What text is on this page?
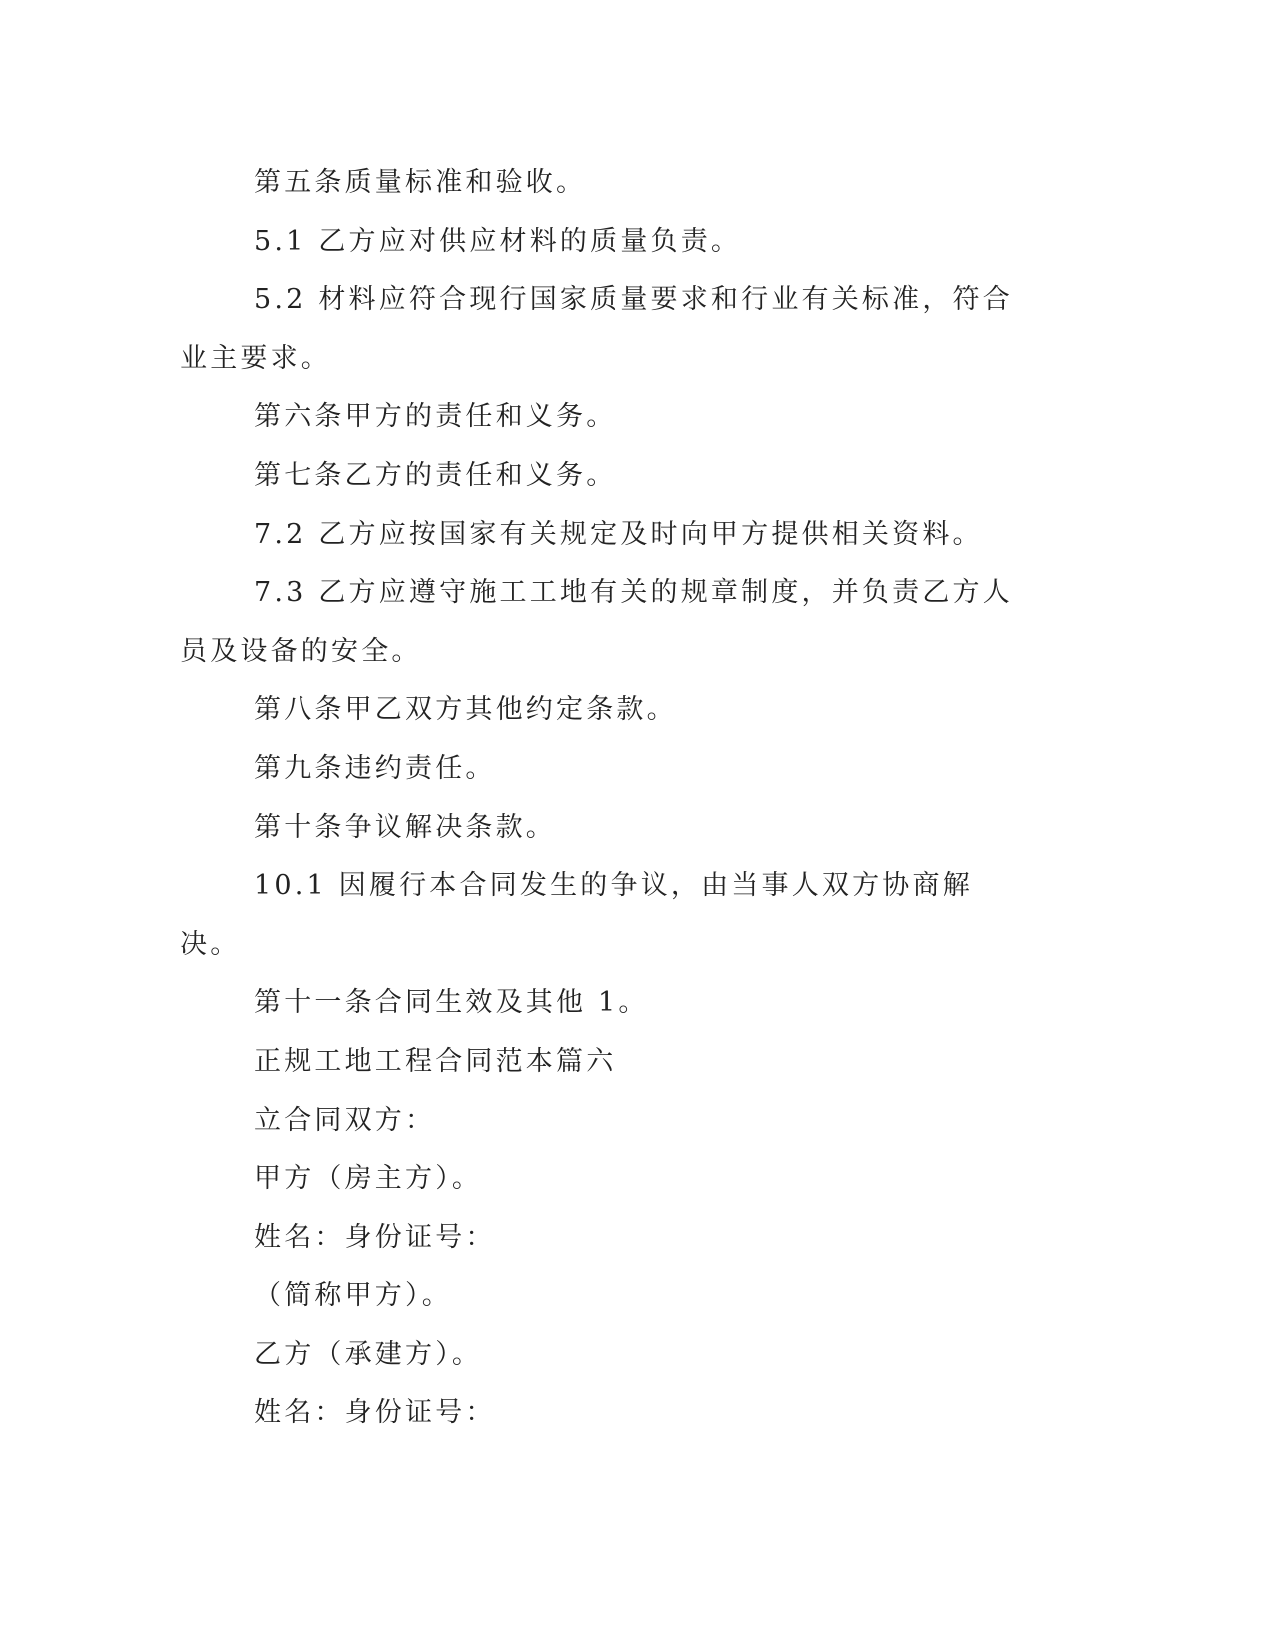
第五条质量标准和验收。

5.1 乙方应对供应材料的质量负责。

5.2 材料应符合现行国家质量要求和行业有关标准，符合业主要求。

第六条甲方的责任和义务。

第七条乙方的责任和义务。

7.2 乙方应按国家有关规定及时向甲方提供相关资料。

7.3 乙方应遵守施工工地有关的规章制度，并负责乙方人员及设备的安全。

第八条甲乙双方其他约定条款。

第九条违约责任。

第十条争议解决条款。

10.1 因履行本合同发生的争议，由当事人双方协商解决。

第十一条合同生效及其他 1。

正规工地工程合同范本篇六

立合同双方：

甲方（房主方）。

姓名：身份证号：

（简称甲方）。

乙方（承建方）。

姓名：身份证号：
